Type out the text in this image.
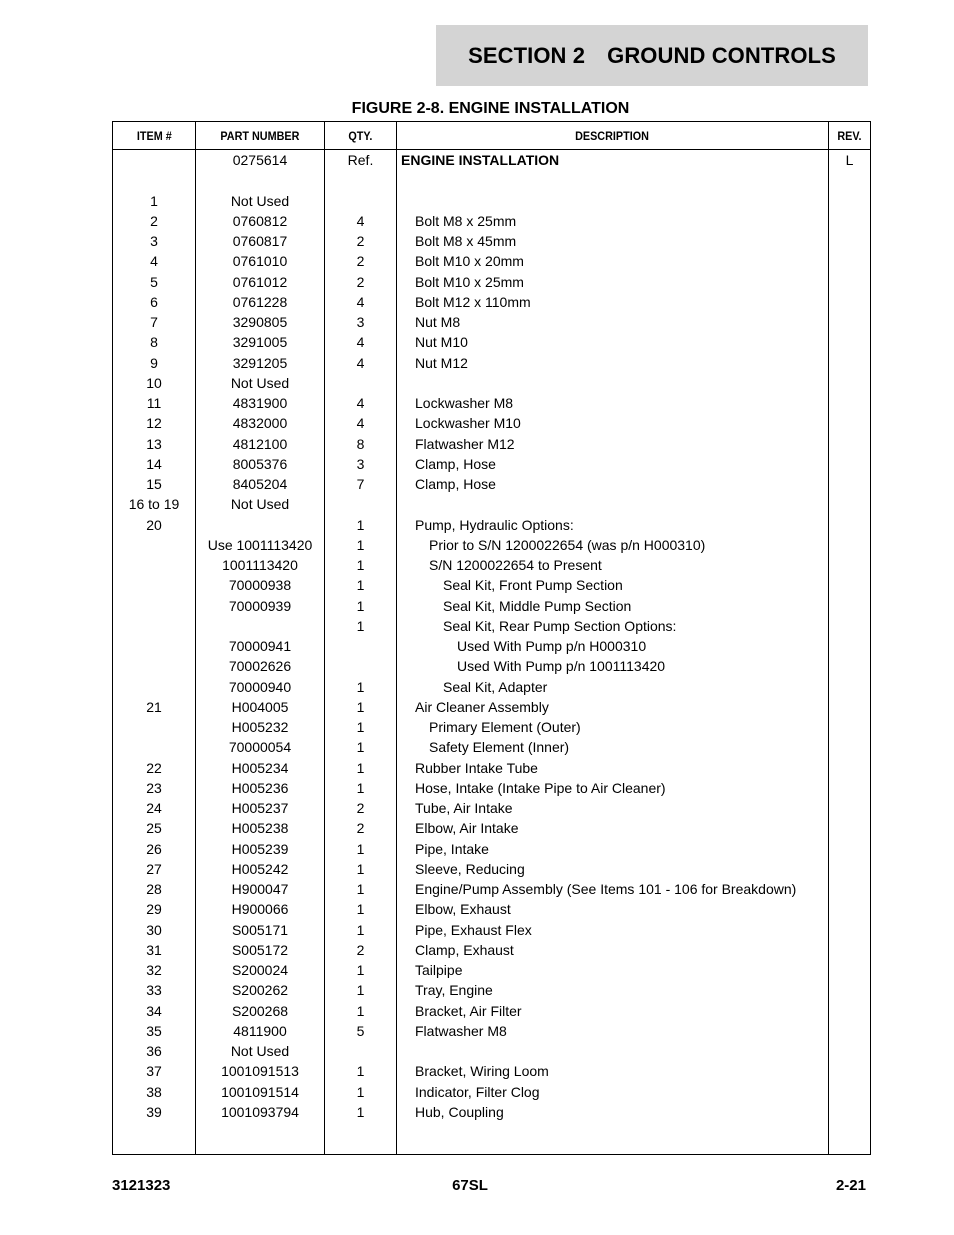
SECTION 2 GROUND CONTROLS
FIGURE 2-8. ENGINE INSTALLATION
ITEM #	PART NUMBER	QTY.	DESCRIPTION	REV.
	0275614	Ref.	ENGINE INSTALLATION	L

1	Not Used			
2	0760812	4	Bolt M8 x 25mm	
3	0760817	2	Bolt M8 x 45mm	
4	0761010	2	Bolt M10 x 20mm	
5	0761012	2	Bolt M10 x 25mm	
6	0761228	4	Bolt M12 x 110mm	
7	3290805	3	Nut M8	
8	3291005	4	Nut M10	
9	3291205	4	Nut M12	
10	Not Used			
11	4831900	4	Lockwasher M8	
12	4832000	4	Lockwasher M10	
13	4812100	8	Flatwasher M12	
14	8005376	3	Clamp, Hose	
15	8405204	7	Clamp, Hose	
16 to 19	Not Used			
20		1	Pump, Hydraulic Options:	
	Use 1001113420	1	Prior to S/N 1200022654 (was p/n H000310)	
	1001113420	1	S/N 1200022654 to Present	
	70000938	1	Seal Kit, Front Pump Section	
	70000939	1	Seal Kit, Middle Pump Section	
		1	Seal Kit, Rear Pump Section Options:	
	70000941		Used With Pump p/n H000310	
	70002626		Used With Pump p/n 1001113420	
	70000940	1	Seal Kit, Adapter	
21	H004005	1	Air Cleaner Assembly	
	H005232	1	Primary Element (Outer)	
	70000054	1	Safety Element (Inner)	
22	H005234	1	Rubber Intake Tube	
23	H005236	1	Hose, Intake (Intake Pipe to Air Cleaner)	
24	H005237	2	Tube, Air Intake	
25	H005238	2	Elbow, Air Intake	
26	H005239	1	Pipe, Intake	
27	H005242	1	Sleeve, Reducing	
28	H900047	1	Engine/Pump Assembly (See Items 101 - 106 for Breakdown)	
29	H900066	1	Elbow, Exhaust	
30	S005171	1	Pipe, Exhaust Flex	
31	S005172	2	Clamp, Exhaust	
32	S200024	1	Tailpipe	
33	S200262	1	Tray, Engine	
34	S200268	1	Bracket, Air Filter	
35	4811900	5	Flatwasher M8	
36	Not Used			
37	1001091513	1	Bracket, Wiring Loom	
38	1001091514	1	Indicator, Filter Clog	
39	1001093794	1	Hub, Coupling	

3121323	67SL	2-21
